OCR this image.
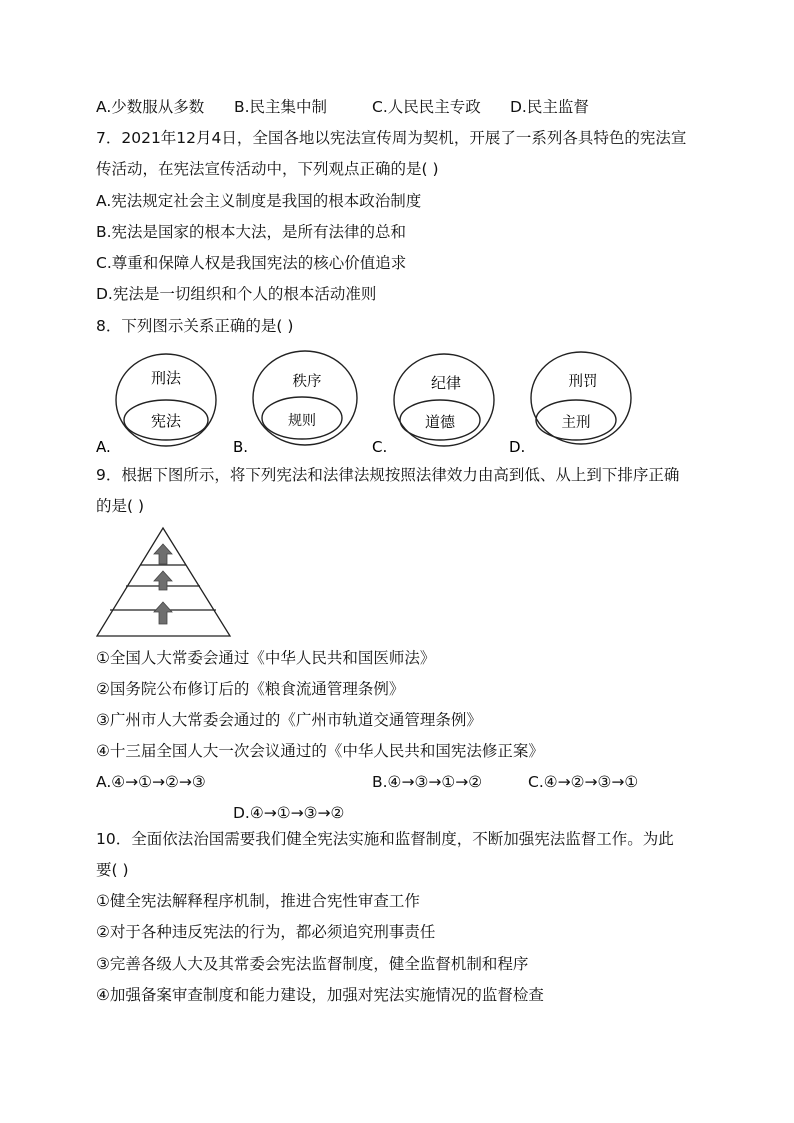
A.少数服从多数 B.民主集中制	C.人民民主专政 D.民主监督
7．2021年12月4日，全国各地以宪法宣传周为契机，开展了一系列各具特色的宪法宣
传活动，在宪法宣传活动中，下列观点正确的是( )
A.宪法规定社会主义制度是我国的根本政治制度
B.宪法是国家的根本大法，是所有法律的总和
C.尊重和保障人权是我国宪法的核心价值追求
D.宪法是一切组织和个人的根本活动准则
8．下列图示关系正确的是( )
刑法
宪法
A.
秩序
规则
B.
纪律
道德
C.
刑罚
主刑
D.
9．根据下图所示，将下列宪法和法律法规按照法律效力由高到低、从上到下排序正确
的是( )
①全国人大常委会通过《中华人民共和国医师法》
②国务院公布修订后的《粮食流通管理条例》
③广州市人大常委会通过的《广州市轨道交通管理条例》
④十三届全国人大一次会议通过的《中华人民共和国宪法修正案》
A.④→①→②→③	B.④→③→①→②	C.④→②→③→①
D.④→①→③→②
10．全面依法治国需要我们健全宪法实施和监督制度，不断加强宪法监督工作。为此
要( )
①健全宪法解释程序机制，推进合宪性审查工作
②对于各种违反宪法的行为，都必须追究刑事责任
③完善各级人大及其常委会宪法监督制度，健全监督机制和程序
④加强备案审查制度和能力建设，加强对宪法实施情况的监督检查
